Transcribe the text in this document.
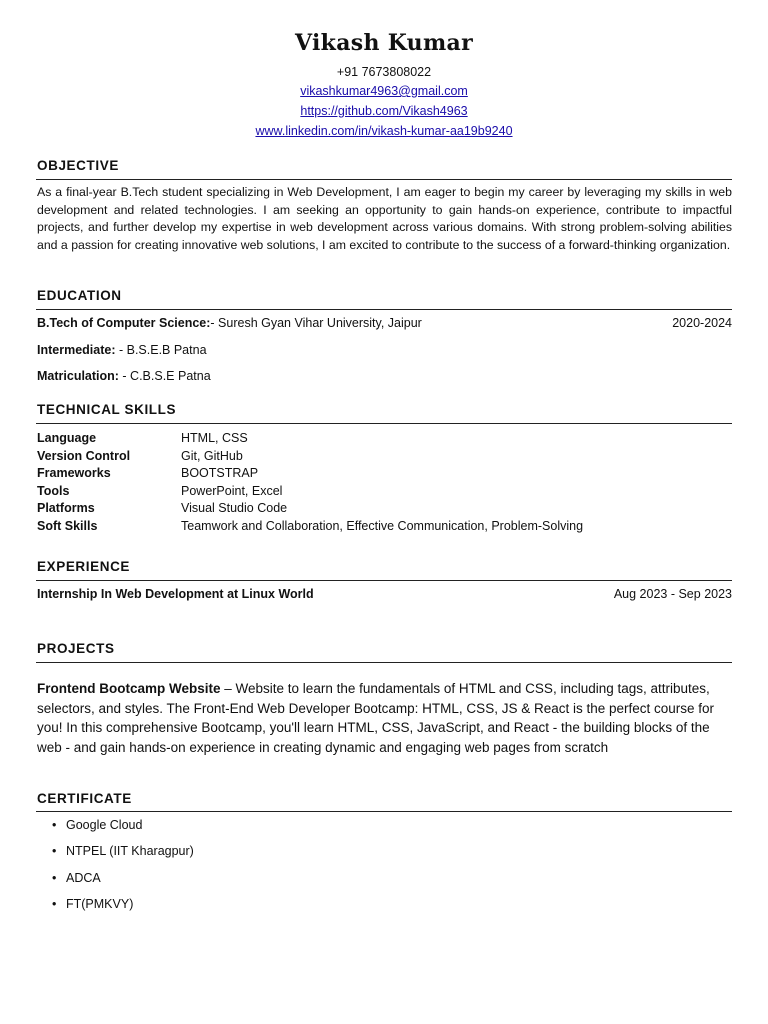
Vikash Kumar
+91 7673808022
vikashkumar4963@gmail.com
https://github.com/Vikash4963
www.linkedin.com/in/vikash-kumar-aa19b9240
OBJECTIVE
As a final-year B.Tech student specializing in Web Development, I am eager to begin my career by leveraging my skills in web development and related technologies. I am seeking an opportunity to gain hands-on experience, contribute to impactful projects, and further develop my expertise in web development across various domains. With strong problem-solving abilities and a passion for creating innovative web solutions, I am excited to contribute to the success of a forward-thinking organization.
EDUCATION
B.Tech of Computer Science:- Suresh Gyan Vihar University, Jaipur	2020-2024
Intermediate: - B.S.E.B Patna
Matriculation: - C.B.S.E Patna
TECHNICAL SKILLS
Language	HTML, CSS
Version Control	Git, GitHub
Frameworks	BOOTSTRAP
Tools	PowerPoint, Excel
Platforms	Visual Studio Code
Soft Skills	Teamwork and Collaboration, Effective Communication, Problem-Solving
EXPERIENCE
Internship In Web Development at Linux World	Aug 2023 - Sep 2023
PROJECTS
Frontend Bootcamp Website – Website to learn the fundamentals of HTML and CSS, including tags, attributes, selectors, and styles. The Front-End Web Developer Bootcamp: HTML, CSS, JS & React is the perfect course for you! In this comprehensive Bootcamp, you'll learn HTML, CSS, JavaScript, and React - the building blocks of the web - and gain hands-on experience in creating dynamic and engaging web pages from scratch
CERTIFICATE
• Google Cloud
• NTPEL (IIT Kharagpur)
• ADCA
• FT(PMKVY)
